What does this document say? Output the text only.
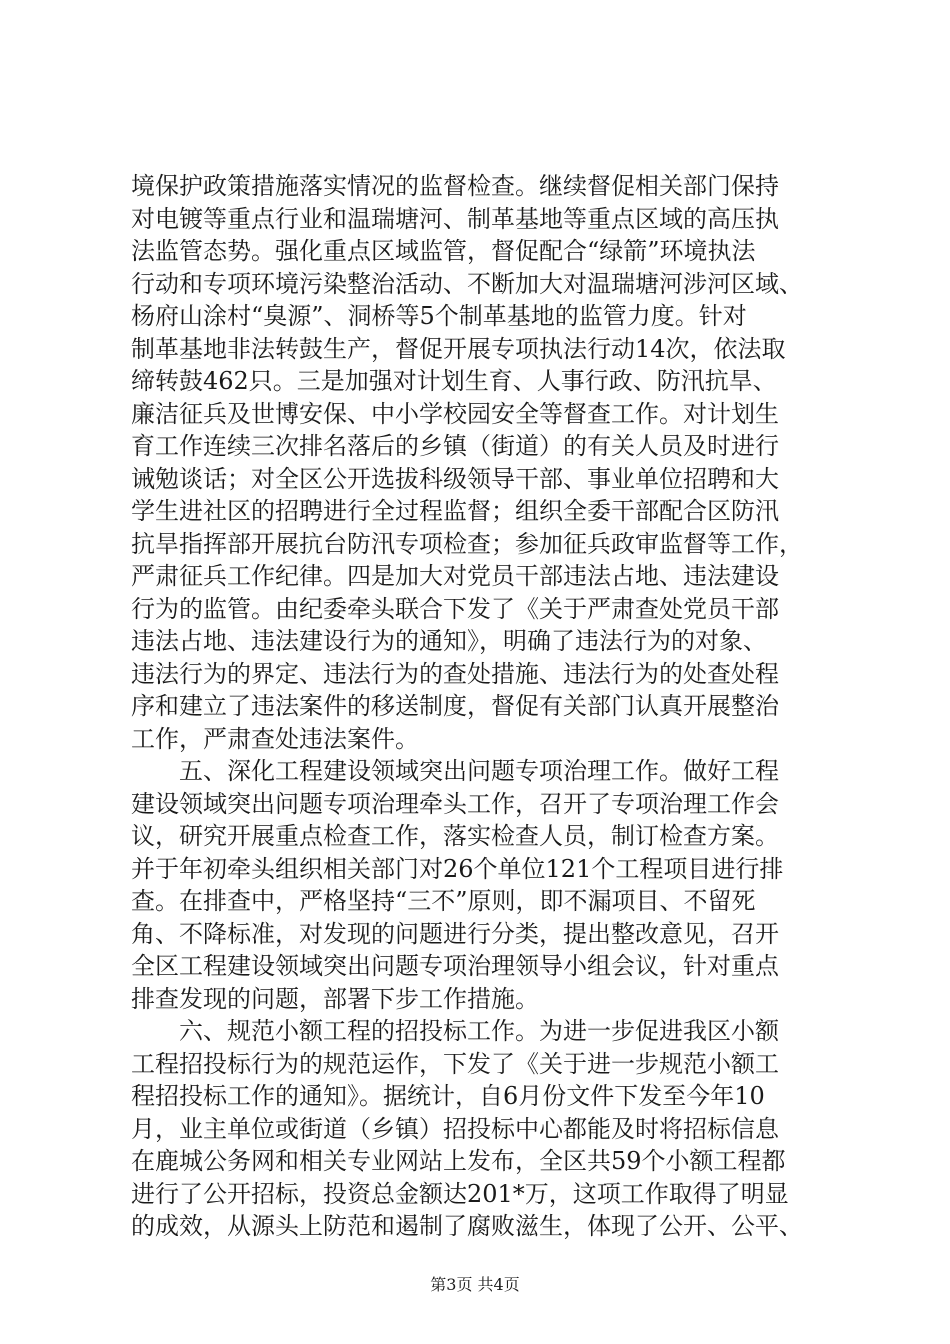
境保护政策措施落实情况的监督检查。继续督促相关部门保持
对电镀等重点行业和温瑞塘河、制革基地等重点区域的高压执
法监管态势。强化重点区域监管，督促配合“绿箭”环境执法
行动和专项环境污染整治活动、不断加大对温瑞塘河涉河区域、
杨府山涂村“臭源”、洞桥等5个制革基地的监管力度。针对
制革基地非法转鼓生产，督促开展专项执法行动14次，依法取
缔转鼓462只。三是加强对计划生育、人事行政、防汛抗旱、
廉洁征兵及世博安保、中小学校园安全等督查工作。对计划生
育工作连续三次排名落后的乡镇（街道）的有关人员及时进行
诫勉谈话；对全区公开选拔科级领导干部、事业单位招聘和大
学生进社区的招聘进行全过程监督；组织全委干部配合区防汛
抗旱指挥部开展抗台防汛专项检查；参加征兵政审监督等工作，
严肃征兵工作纪律。四是加大对党员干部违法占地、违法建设
行为的监管。由纪委牵头联合下发了《关于严肃查处党员干部
违法占地、违法建设行为的通知》，明确了违法行为的对象、
违法行为的界定、违法行为的查处措施、违法行为的处查处程
序和建立了违法案件的移送制度，督促有关部门认真开展整治
工作，严肃查处违法案件。
　　五、深化工程建设领域突出问题专项治理工作。做好工程
建设领域突出问题专项治理牵头工作，召开了专项治理工作会
议，研究开展重点检查工作，落实检查人员，制订检查方案。
并于年初牵头组织相关部门对26个单位121个工程项目进行排
查。在排查中，严格坚持“三不”原则，即不漏项目、不留死
角、不降标准，对发现的问题进行分类，提出整改意见，召开
全区工程建设领域突出问题专项治理领导小组会议，针对重点
排查发现的问题，部署下步工作措施。
　　六、规范小额工程的招投标工作。为进一步促进我区小额
工程招投标行为的规范运作，下发了《关于进一步规范小额工
程招投标工作的通知》。据统计，自6月份文件下发至今年10
月，业主单位或街道（乡镇）招投标中心都能及时将招标信息
在鹿城公务网和相关专业网站上发布，全区共59个小额工程都
进行了公开招标，投资总金额达201*万，这项工作取得了明显
的成效，从源头上防范和遏制了腐败滋生，体现了公开、公平、
第3页 共4页
